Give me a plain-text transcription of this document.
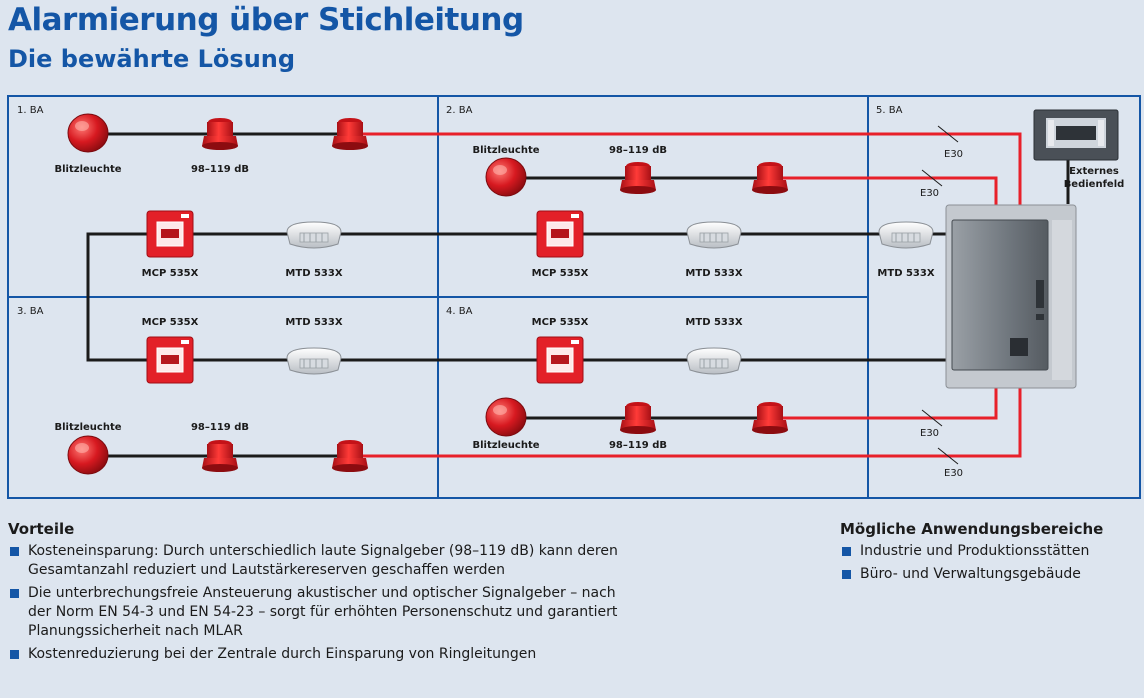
Alarmierung über Stichleitung
Die bewährte Lösung
1. BA	2. BA
3. BA	4. BA
5. BA
E30
E30
E30
E30
Blitzleuchte	98–119 dB
MCP 535X	MTD 533X
Blitzleuchte	98–119 dB
MCP 535X	MTD 533X
MCP 535X	MTD 533X
Blitzleuchte	98–119 dB
MCP 535X	MTD 533X
Blitzleuchte	98–119 dB
MTD 533X
Externes
Bedienfeld
Vorteile
Kosteneinsparung: Durch unterschiedlich laute Signalgeber (98–119 dB) kann deren
Gesamtanzahl reduziert und Lautstärkereserven geschaffen werden
Die unterbrechungsfreie Ansteuerung akustischer und optischer Signalgeber – nach
der Norm EN 54-3 und EN 54-23 – sorgt für erhöhten Personenschutz und garantiert
Planungssicherheit nach MLAR
Kostenreduzierung bei der Zentrale durch Einsparung von Ringleitungen
Mögliche Anwendungsbereiche
Industrie und Produktionsstätten
Büro- und Verwaltungsgebäude
